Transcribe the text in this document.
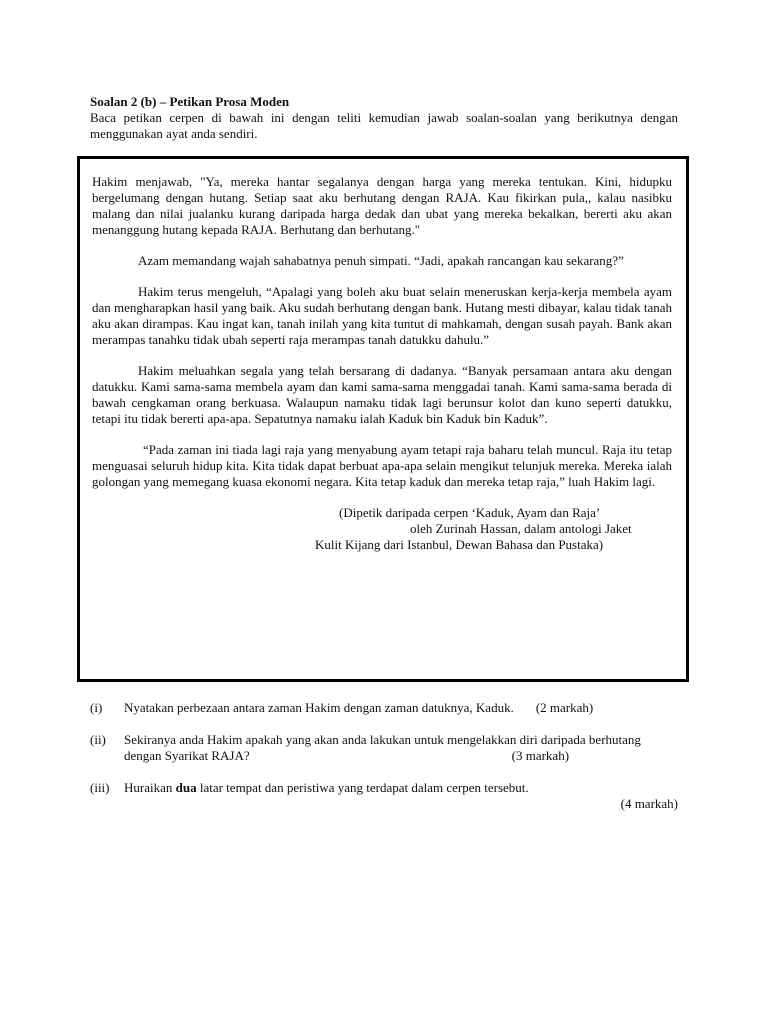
Soalan 2 (b) – Petikan Prosa Moden
Baca petikan cerpen di bawah ini dengan teliti kemudian jawab soalan-soalan yang berikutnya dengan menggunakan ayat anda sendiri.

Hakim menjawab, "Ya, mereka hantar segalanya dengan harga yang mereka tentukan. Kini, hidupku bergelumang dengan hutang. Setiap saat aku berhutang dengan RAJA. Kau fikirkan pula,, kalau nasibku malang dan nilai jualanku kurang daripada harga dedak dan ubat yang mereka bekalkan, bererti aku akan menanggung hutang kepada RAJA. Berhutang dan berhutang."

Azam memandang wajah sahabatnya penuh simpati. “Jadi, apakah rancangan kau sekarang?”

Hakim terus mengeluh, “Apalagi yang boleh aku buat selain meneruskan kerja-kerja membela ayam dan mengharapkan hasil yang baik. Aku sudah berhutang dengan bank. Hutang mesti dibayar, kalau tidak tanah aku akan dirampas. Kau ingat kan, tanah inilah yang kita tuntut di mahkamah, dengan susah payah. Bank akan merampas tanahku tidak ubah seperti raja merampas tanah datukku dahulu.”

Hakim meluahkan segala yang telah bersarang di dadanya. “Banyak persamaan antara aku dengan datukku. Kami sama-sama membela ayam dan kami sama-sama menggadai tanah. Kami sama-sama berada di bawah cengkaman orang berkuasa. Walaupun namaku tidak lagi berunsur kolot dan kuno seperti datukku, tetapi itu tidak bererti apa-apa. Sepatutnya namaku ialah Kaduk bin Kaduk bin Kaduk”.

“Pada zaman ini tiada lagi raja yang menyabung ayam tetapi raja baharu telah muncul. Raja itu tetap menguasai seluruh hidup kita. Kita tidak dapat berbuat apa-apa selain mengikut telunjuk mereka. Mereka ialah golongan yang memegang kuasa ekonomi negara. Kita tetap kaduk dan mereka tetap raja,” luah Hakim lagi.

(Dipetik daripada cerpen ‘Kaduk, Ayam dan Raja’
oleh Zurinah Hassan, dalam antologi Jaket
Kulit Kijang dari Istanbul, Dewan Bahasa dan Pustaka)
(i) Nyatakan perbezaan antara zaman Hakim dengan zaman datuknya, Kaduk. (2 markah)
(ii) Sekiranya anda Hakim apakah yang akan anda lakukan untuk mengelakkan diri daripada berhutang dengan Syarikat RAJA?	(3 markah)
(iii) Huraikan dua latar tempat dan peristiwa yang terdapat dalam cerpen tersebut.
(4 markah)
